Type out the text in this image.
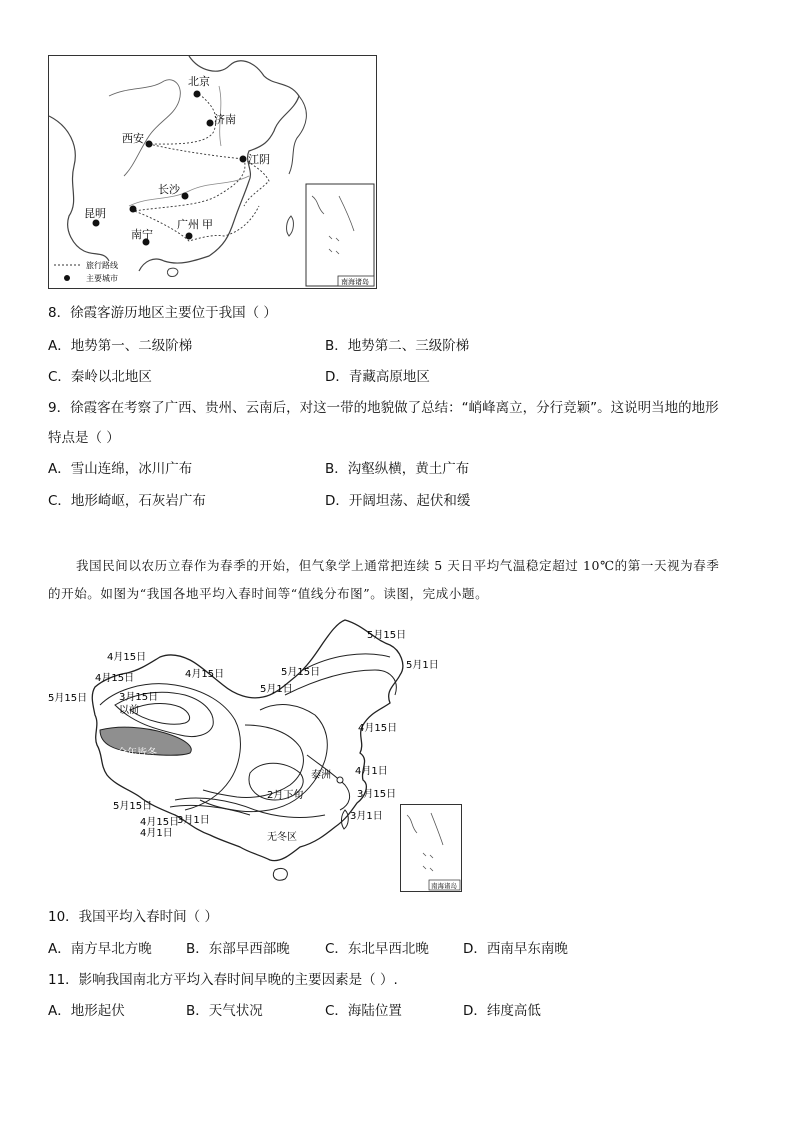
北京
济南
西安
江阴
长沙
昆明
广州 甲
南宁
旅行路线
主要城市	南海诸岛
8．徐霞客游历地区主要位于我国（ ）
A．地势第一、二级阶梯	B．地势第二、三级阶梯
C．秦岭以北地区	D．青藏高原地区
9．徐霞客在考察了广西、贵州、云南后，对这一带的地貌做了总结：“峭峰离立，分行竞颖”。这说明当地的地形
特点是（ ）
A．雪山连绵，冰川广布	B．沟壑纵横，黄土广布
C．地形崎岖，石灰岩广布	D．开阔坦荡、起伏和缓
我国民间以农历立春作为春季的开始，但气象学上通常把连续 5 天日平均气温稳定超过 10℃的第一天视为春季
的开始。如图为“我国各地平均入春时间等“值线分布图”。读图，完成小题。
5月15日
4月15日
4月15日	4月15日
3月15日
以前
5月15日
5月15日
5月1日
5月1日
4月15日
全年皆冬
泰洲 4月1日
2月下旬	3月15日
5月15日
4月15日
4月1日
3月1日	3月1日
无冬区
南海诸岛
10．我国平均入春时间（ ）
A．南方早北方晚	B．东部早西部晚	C．东北早西北晚	D．西南早东南晚
11．影响我国南北方平均入春时间早晚的主要因素是（ ）.
A．地形起伏	B．天气状况	C．海陆位置	D．纬度高低
